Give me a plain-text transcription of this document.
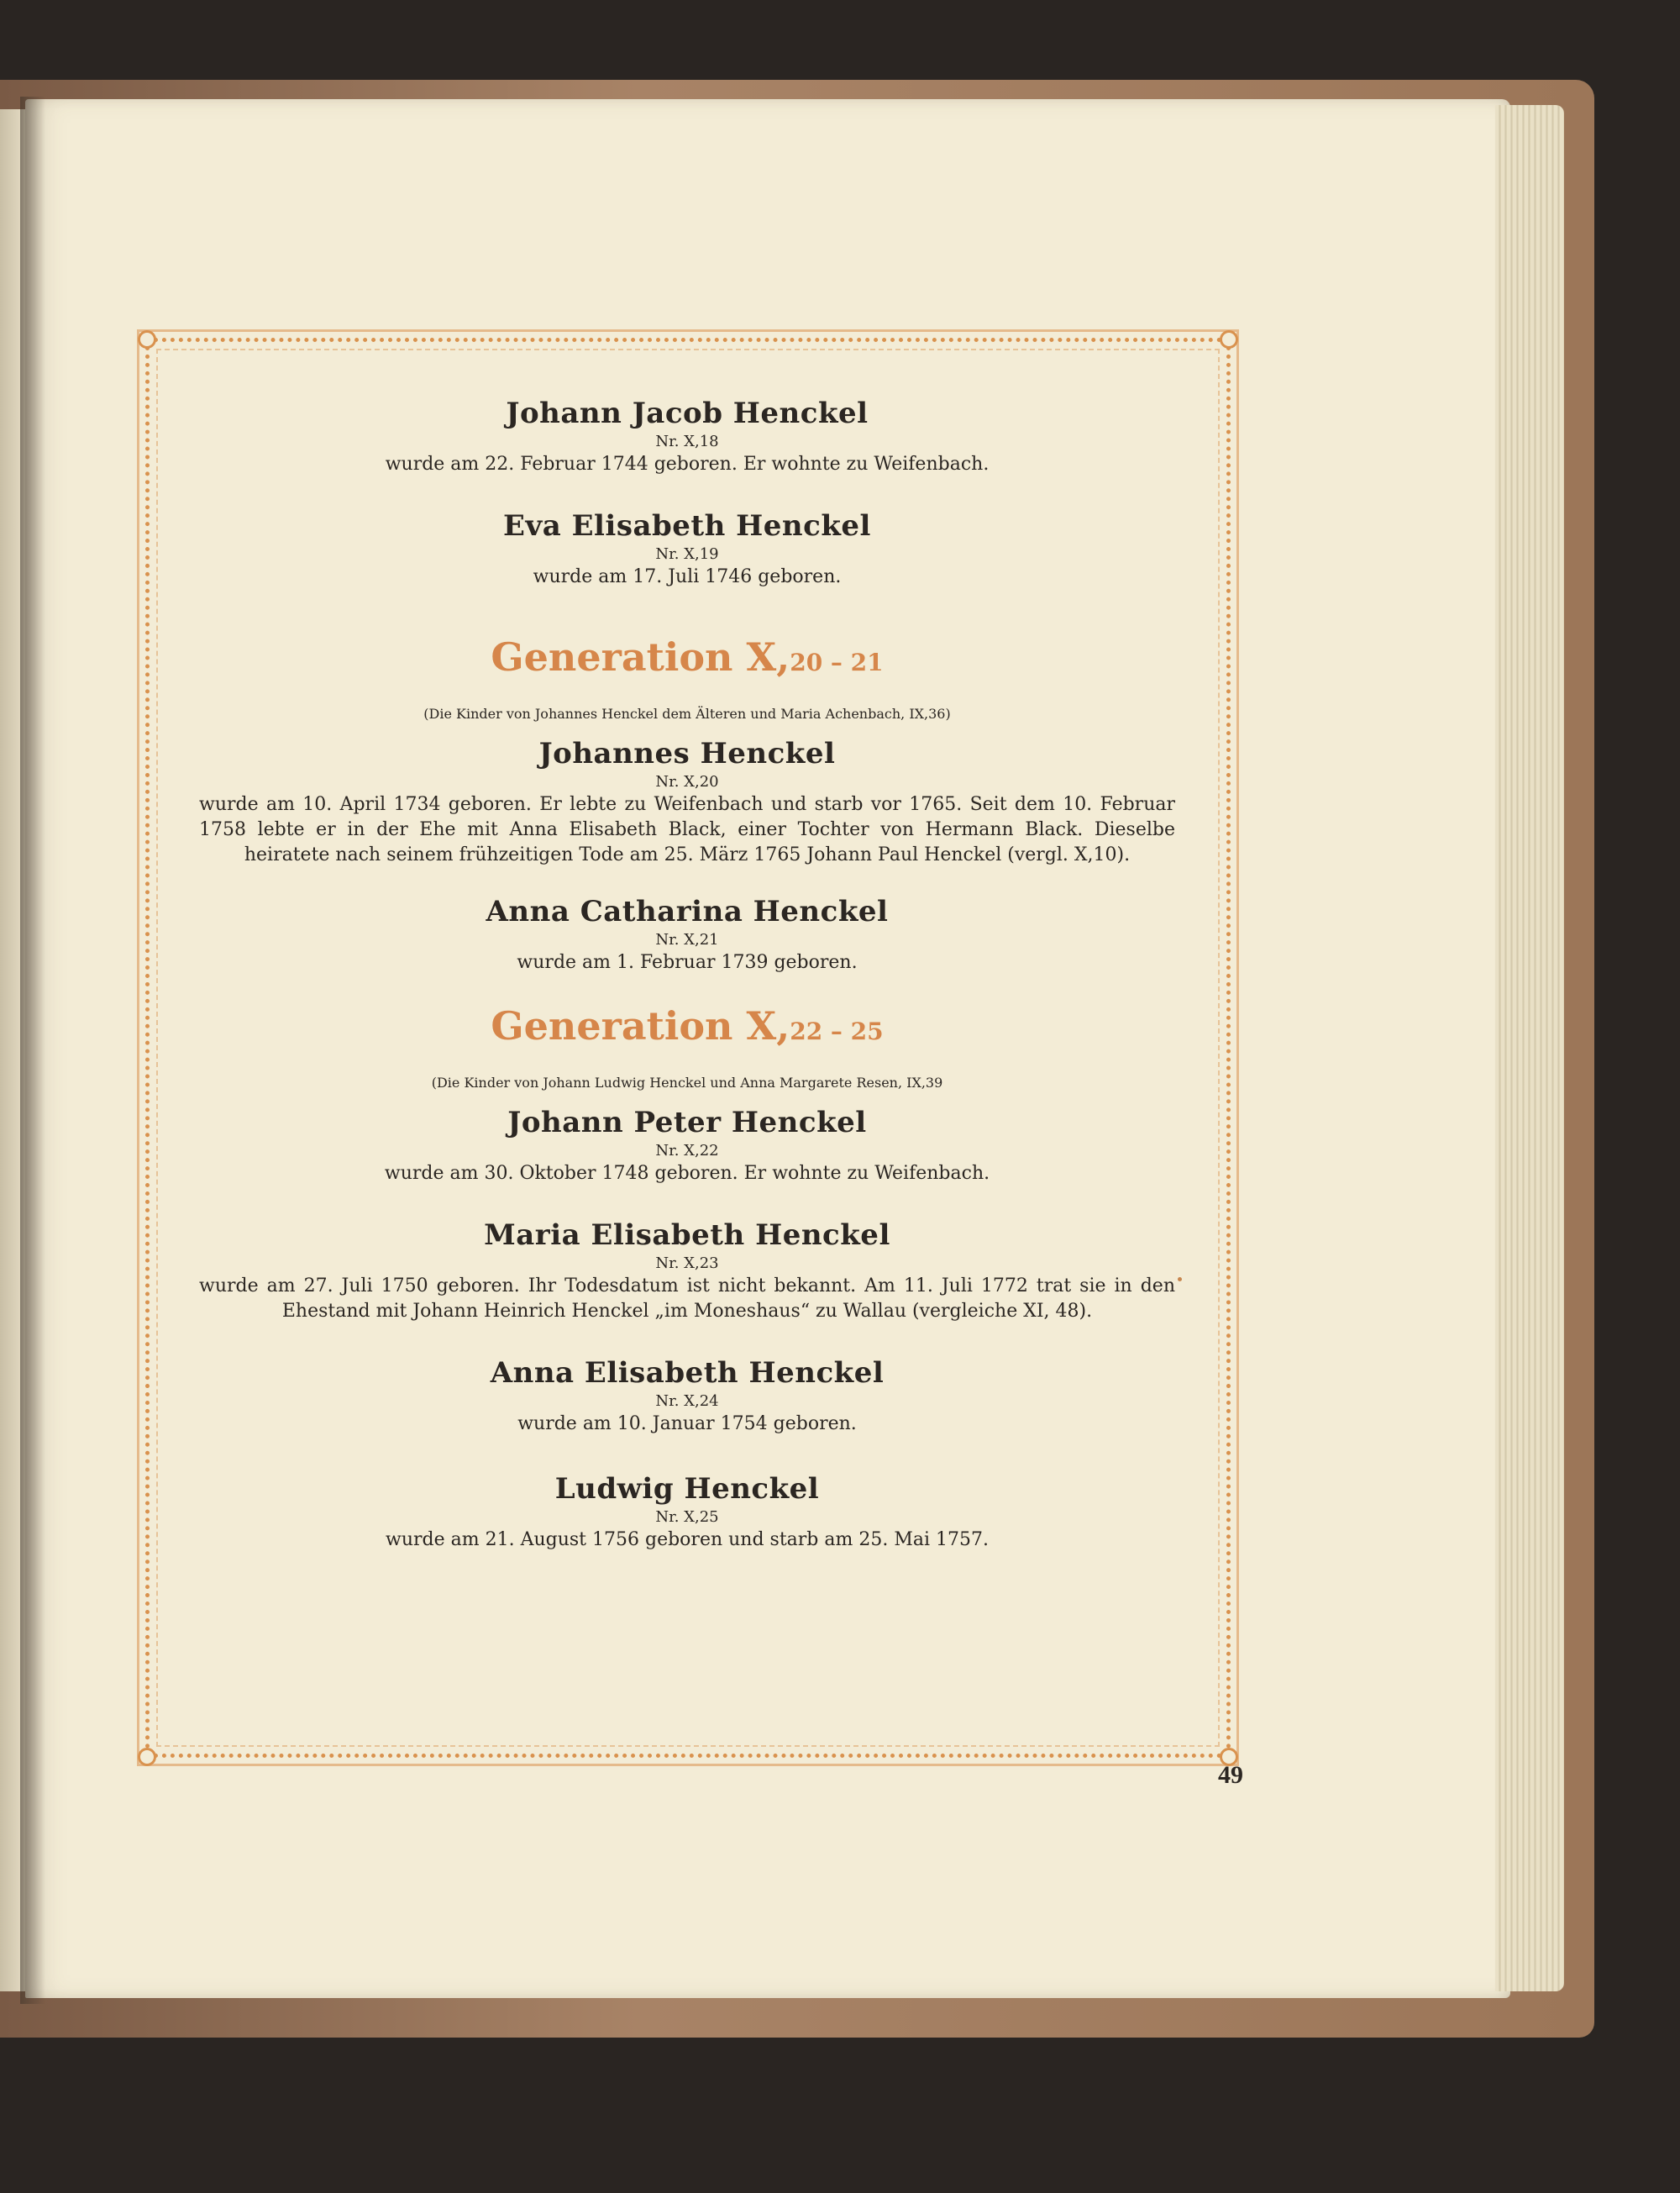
Johann Jacob Henckel
Nr. X,18
wurde am 22. Februar 1744 geboren. Er wohnte zu Weifenbach.
Eva Elisabeth Henckel
Nr. X,19
wurde am 17. Juli 1746 geboren.
Generation X,20 – 21
(Die Kinder von Johannes Henckel dem Älteren und Maria Achenbach, IX,36)
Johannes Henckel
Nr. X,20
wurde am 10. April 1734 geboren. Er lebte zu Weifenbach und starb vor 1765. Seit dem 10. Februar 1758 lebte er in der Ehe mit Anna Elisabeth Black, einer Tochter von Hermann Black. Dieselbe heiratete nach seinem frühzeitigen Tode am 25. März 1765 Johann Paul Henckel (vergl. X,10).
Anna Catharina Henckel
Nr. X,21
wurde am 1. Februar 1739 geboren.
Generation X,22 – 25
(Die Kinder von Johann Ludwig Henckel und Anna Margarete Resen, IX,39
Johann Peter Henckel
Nr. X,22
wurde am 30. Oktober 1748 geboren. Er wohnte zu Weifenbach.
Maria Elisabeth Henckel
Nr. X,23
wurde am 27. Juli 1750 geboren. Ihr Todesdatum ist nicht bekannt. Am 11. Juli 1772 trat sie in den Ehestand mit Johann Heinrich Henckel „im Moneshaus“ zu Wallau (vergleiche XI, 48).
Anna Elisabeth Henckel
Nr. X,24
wurde am 10. Januar 1754 geboren.
Ludwig Henckel
Nr. X,25
wurde am 21. August 1756 geboren und starb am 25. Mai 1757.
49
